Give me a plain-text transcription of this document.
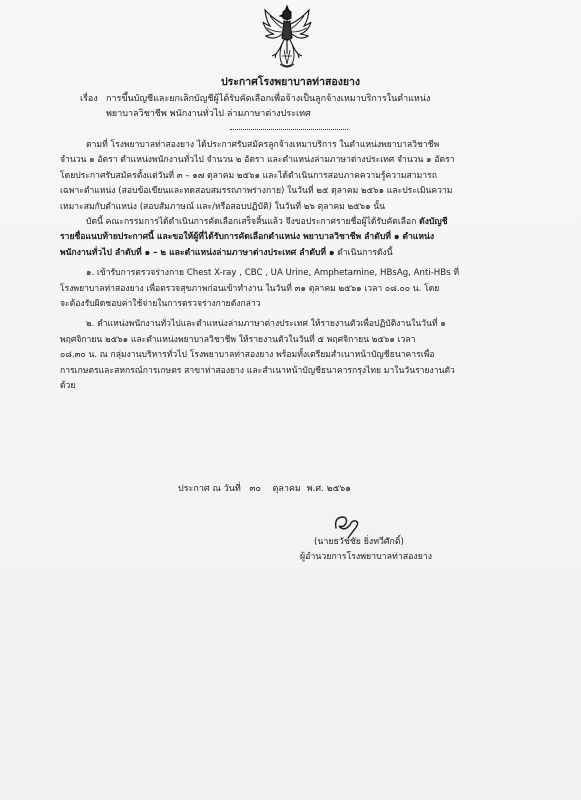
ประกาศโรงพยาบาลท่าสองยาง
เรื่อง การขึ้นบัญชีและยกเลิกบัญชีผู้ได้รับคัดเลือกเพื่อจ้างเป็นลูกจ้างเหมาบริการในตำแหน่ง
พยาบาลวิชาชีพ พนักงานทั่วไป ล่ามภาษาต่างประเทศ

ตามที่ โรงพยาบาลท่าสองยาง ได้ประกาศรับสมัครลูกจ้างเหมาบริการ ในตำแหน่งพยาบาลวิชาชีพ

จำนวน ๑ อัตรา ตำแหน่งพนักงานทั่วไป จำนวน ๒ อัตรา และตำแหน่งล่ามภาษาต่างประเทศ จำนวน ๑ อัตรา

โดยประกาศรับสมัครตั้งแต่วันที่ ๓ – ๑๗ ตุลาคม ๒๕๖๑ และได้ดำเนินการสอบภาคความรู้ความสามารถ

เฉพาะตำแหน่ง (สอบข้อเขียนและทดสอบสมรรถภาพร่างกาย) ในวันที่ ๒๕ ตุลาคม ๒๕๖๑ และประเมินความ

เหมาะสมกับตำแหน่ง (สอบสัมภาษณ์ และ/หรือสอบปฏิบัติ) ในวันที่ ๒๖ ตุลาคม ๒๕๖๑ นั้น

บัดนี้ คณะกรรมการได้ดำเนินการคัดเลือกเสร็จสิ้นแล้ว จึงขอประกาศรายชื่อผู้ได้รับคัดเลือก ดังบัญชี

รายชื่อแนบท้ายประกาศนี้ และขอให้ผู้ที่ได้รับการคัดเลือกตำแหน่ง พยาบาลวิชาชีพ ลำดับที่ ๑ ตำแหน่ง

พนักงานทั่วไป ลำดับที่ ๑ – ๒ และตำแหน่งล่ามภาษาต่างประเทศ ลำดับที่ ๑ ดำเนินการดังนี้

๑. เข้ารับการตรวจร่างกาย Chest X-ray , CBC , UA Urine, Amphetamine, HBsAg, Anti-HBs ที่

โรงพยาบาลท่าสองยาง เพื่อตรวจสุขภาพก่อนเข้าทำงาน ในวันที่ ๓๑ ตุลาคม ๒๕๖๑ เวลา ๐๘.๐๐ น. โดย

จะต้องรับผิดชอบค่าใช้จ่ายในการตรวจร่างกายดังกล่าว

๒. ตำแหน่งพนักงานทั่วไปและตำแหน่งล่ามภาษาต่างประเทศ ให้รายงานตัวเพื่อปฏิบัติงานในวันที่ ๑

พฤศจิกายน ๒๕๖๑ และตำแหน่งพยาบาลวิชาชีพ ให้รายงานตัวในวันที่ ๕ พฤศจิกายน ๒๕๖๑ เวลา

๐๘.๓๐ น. ณ กลุ่มงานบริหารทั่วไป โรงพยาบาลท่าสองยาง พร้อมทั้งเตรียมสำเนาหน้าบัญชีธนาคารเพื่อ

การเกษตรและสหกรณ์การเกษตร สาขาท่าสองยาง และสำเนาหน้าบัญชีธนาคารกรุงไทย มาในวันรายงานตัว

ด้วย

ประกาศ ณ วันที่   ๓๐    ตุลาคม  พ.ศ. ๒๕๖๑
(นายธวัชชัย ยิ่งทวีศักดิ์)
ผู้อำนวยการโรงพยาบาลท่าสองยาง
